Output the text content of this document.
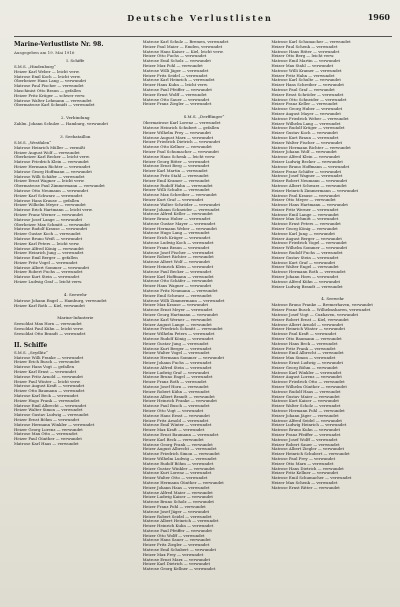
Deutsche Verlustlisten	1960
Marine-Verlustliste Nr. 98.
Ausgegeben am 19. Mai 1916
I. Schiffe
S.M.S. „Hindenburg“
Heizer Karl Weber — leicht verw.
Matrose Emil Koch — leicht verw.
Oberheizer Hans Lang — verwundet
Matrose Paul Fischer — verwundet
Maschinist Otto Braun — gefallen
Heizer Fritz Krüger — schwer verw.
Matrose Walter Lehmann — verwundet
Obermatrose Karl Schmidt — verwundet
2. Verbindung
Zahlm. Johann Schulze — Hamburg, verwundet
3. Seebataillon
S.M.S. „Westfalen“
Matrose Heinrich Müller — vermißt
Heizer August Wolf — verwundet
Oberheizer Karl Becker — leicht verw.
Matrose Friedrich Klein — verwundet
Heizer Hermann Richter — verwundet
Matrose Georg Hoffmann — verwundet
Matrose Willi Schäfer — verwundet
Heizer Ernst Wagner — leicht verw.
Obermatrose Paul Zimmermann — verwundet
Matrose Otto Neumann — verwundet
Heizer Karl Schwarz — verwundet
Matrose Hans Krause — gefallen
Heizer Wilhelm Meyer — verwundet
Matrose Erich Hartmann — leicht verw.
Heizer Franz Werner — verwundet
Matrose Josef Lange — verwundet
Oberheizer Max Schmitt — verwundet
Matrose Rudolf Krause — verwundet
Heizer Gustav Koch — verwundet
Matrose Bruno Weiß — verwundet
Heizer Karl Peters — leicht verw.
Matrose Alfred König — verwundet
Heizer Heinrich Jung — verwundet
Matrose Emil Berger — gefallen
Heizer Fritz Vogel — verwundet
Matrose Albert Sommer — verwundet
Heizer Robert Fuchs — verwundet
Matrose Kurt Stein — verwundet
Heizer Ludwig Graf — leicht verw.
4. Seewehr
Matrose Johann Engel — Hamburg, verwundet
Heizer Karl Roth — Kiel, verwundet
Marine-Infanterie
Seesoldat Max Horn — verwundet
Seesoldat Paul Kühn — leicht verw.
Seesoldat Otto Brandt — verwundet
II. Schiffe
S.M.S. „Seydlitz“
Matrose Willi Franke — verwundet
Heizer Erich Busch — verwundet
Matrose Hans Vogt — gefallen
Heizer Karl Ernst — verwundet
Matrose Fritz Arnold — verwundet
Heizer Paul Winter — leicht verw.
Matrose August Kraft — verwundet
Heizer Otto Baumann — verwundet
Matrose Karl Beck — verwundet
Heizer Hugo Frank — verwundet
Matrose Emil Albrecht — verwundet
Heizer Walter Simon — verwundet
Matrose Gustav Ludwig — verwundet
Heizer Ernst Böhm — verwundet
Matrose Hermann Winkler — verwundet
Heizer Georg Lorenz — verwundet
Matrose Max Otto — verwundet
Heizer Paul Günther — verwundet
Matrose Karl Haas — verwundet
Matrose Karl Schulz — Bremen, verwundet
Heizer Paul Maier — Emden, verwundet
Matrose Hans Kaiser — Kiel, leicht verw.
Heizer Otto Fuchs — verwundet
Matrose Emil Scholz — verwundet
Heizer Max Pohl — verwundet
Matrose Willi Jäger — verwundet
Heizer Fritz Seidel — verwundet
Matrose Karl Heinrich — verwundet
Heizer Hans Kuhn — leicht verw.
Matrose Paul Pfeiffer — verwundet
Heizer Ernst Wolff — verwundet
Matrose Otto Sauer — verwundet
Heizer Franz Ziegler — verwundet
S.M.S. „Derfflinger“
Obermatrose Karl Lorenz — verwundet
Matrose Heinrich Schubert — gefallen
Heizer Wilhelm Frey — verwundet
Matrose August Marx — verwundet
Heizer Friedrich Dietrich — verwundet
Matrose Otto Kellner — verwundet
Heizer Paul Schumacher — verwundet
Matrose Hans Schenk — leicht verw.
Heizer Georg Ritter — verwundet
Matrose Ernst Berg — verwundet
Heizer Karl Martin — verwundet
Matrose Fritz Stahl — verwundet
Heizer Emil Kramer — verwundet
Matrose Rudolf Hahn — verwundet
Heizer Willi Schulte — verwundet
Matrose Max Schreiber — verwundet
Heizer Kurt Graf — verwundet
Matrose Walter Schröder — verwundet
Heizer Johann Schneider — verwundet
Matrose Alfred Keller — verwundet
Heizer Bruno Huber — verwundet
Matrose Gustav Mayer — verwundet
Heizer Hermann Weber — verwundet
Matrose Hugo Lang — verwundet
Heizer Erich Krüger — verwundet
Matrose Ludwig Koch — verwundet
Heizer Franz Braun — verwundet
Matrose Josef Fischer — verwundet
Heizer Robert Richter — verwundet
Matrose Albert Wolf — verwundet
Heizer Heinrich Klein — verwundet
Matrose Paul Becker — verwundet
Heizer Karl Hoffmann — verwundet
Matrose Otto Schäfer — verwundet
Heizer Hans Wagner — verwundet
Matrose Fritz Neumann — verwundet
Heizer Emil Schwarz — verwundet
Matrose Willi Zimmermann — verwundet
Heizer Max Krause — verwundet
Matrose Ernst Meyer — verwundet
Heizer Georg Hartmann — verwundet
Matrose Karl Werner — verwundet
Heizer August Lange — verwundet
Matrose Friedrich Schmitt — verwundet
Heizer Wilhelm Peters — verwundet
Matrose Rudolf König — verwundet
Heizer Gustav Jung — verwundet
Matrose Kurt Berger — verwundet
Heizer Walter Vogel — verwundet
Matrose Hermann Sommer — verwundet
Heizer Johann Fuchs — verwundet
Matrose Alfred Stein — verwundet
Heizer Ludwig Graf — verwundet
Matrose Bruno Engel — verwundet
Heizer Franz Roth — verwundet
Matrose Josef Horn — verwundet
Heizer Robert Kühn — verwundet
Matrose Albert Brandt — verwundet
Heizer Heinrich Franke — verwundet
Matrose Paul Busch — verwundet
Heizer Otto Vogt — verwundet
Matrose Hans Ernst — verwundet
Heizer Fritz Arnold — verwundet
Matrose Emil Winter — verwundet
Heizer Max Kraft — verwundet
Matrose Ernst Baumann — verwundet
Heizer Karl Beck — verwundet
Matrose Georg Frank — verwundet
Heizer August Albrecht — verwundet
Matrose Friedrich Simon — verwundet
Heizer Wilhelm Ludwig — verwundet
Matrose Rudolf Böhm — verwundet
Heizer Gustav Winkler — verwundet
Matrose Kurt Lorenz — verwundet
Heizer Walter Otto — verwundet
Matrose Hermann Günther — verwundet
Heizer Johann Haas — verwundet
Matrose Alfred Maier — verwundet
Heizer Ludwig Kaiser — verwundet
Matrose Bruno Scholz — verwundet
Heizer Franz Pohl — verwundet
Matrose Josef Jäger — verwundet
Heizer Robert Seidel — verwundet
Matrose Albert Heinrich — verwundet
Heizer Heinrich Kuhn — verwundet
Matrose Paul Pfeiffer — verwundet
Heizer Otto Wolff — verwundet
Matrose Hans Sauer — verwundet
Heizer Fritz Ziegler — verwundet
Matrose Emil Schubert — verwundet
Heizer Max Frey — verwundet
Matrose Ernst Marx — verwundet
Heizer Karl Dietrich — verwundet
Matrose Georg Kellner — verwundet
Matrose Karl Schumacher — verwundet
Heizer Paul Schenk — verwundet
Matrose Hans Ritter — verwundet
Heizer Otto Berg — leicht verw.
Matrose Emil Martin — verwundet
Heizer Max Stahl — verwundet
Matrose Willi Kramer — verwundet
Heizer Fritz Hahn — verwundet
Matrose Karl Schulte — verwundet
Heizer Hans Schreiber — verwundet
Matrose Paul Graf — verwundet
Heizer Ernst Schröder — verwundet
Matrose Otto Schneider — verwundet
Heizer Franz Keller — verwundet
Matrose Georg Huber — verwundet
Heizer August Mayer — verwundet
Matrose Friedrich Weber — verwundet
Heizer Wilhelm Lang — verwundet
Matrose Rudolf Krüger — verwundet
Heizer Gustav Koch — verwundet
Matrose Kurt Braun — verwundet
Heizer Walter Fischer — verwundet
Matrose Hermann Richter — verwundet
Heizer Johann Wolf — verwundet
Matrose Alfred Klein — verwundet
Heizer Ludwig Becker — verwundet
Matrose Bruno Hoffmann — verwundet
Heizer Franz Schäfer — verwundet
Matrose Josef Wagner — verwundet
Heizer Robert Neumann — verwundet
Matrose Albert Schwarz — verwundet
Heizer Heinrich Zimmermann — verwundet
Matrose Paul Krause — verwundet
Heizer Otto Meyer — verwundet
Matrose Hans Hartmann — verwundet
Heizer Fritz Werner — verwundet
Matrose Emil Lange — verwundet
Heizer Max Schmitt — verwundet
Matrose Ernst Peters — verwundet
Heizer Georg König — verwundet
Matrose Karl Jung — verwundet
Heizer August Berger — verwundet
Matrose Friedrich Vogel — verwundet
Heizer Wilhelm Sommer — verwundet
Matrose Rudolf Fuchs — verwundet
Heizer Gustav Stein — verwundet
Matrose Kurt Graf — verwundet
Heizer Walter Engel — verwundet
Matrose Hermann Roth — verwundet
Heizer Johann Horn — verwundet
Matrose Alfred Kühn — verwundet
Heizer Ludwig Brandt — verwundet
4. Seewehr
Matrose Bruno Franke — Bremerhaven, verwundet
Heizer Franz Busch — Wilhelmshaven, verwundet
Matrose Josef Vogt — Cuxhaven, verwundet
Heizer Robert Ernst — Kiel, verwundet
Matrose Albert Arnold — verwundet
Heizer Heinrich Winter — verwundet
Matrose Paul Kraft — verwundet
Heizer Otto Baumann — verwundet
Matrose Hans Beck — verwundet
Heizer Fritz Frank — verwundet
Matrose Emil Albrecht — verwundet
Heizer Max Simon — verwundet
Matrose Ernst Ludwig — verwundet
Heizer Georg Böhm — verwundet
Matrose Karl Winkler — verwundet
Heizer August Lorenz — verwundet
Matrose Friedrich Otto — verwundet
Heizer Wilhelm Günther — verwundet
Matrose Rudolf Haas — verwundet
Heizer Gustav Maier — verwundet
Matrose Kurt Kaiser — verwundet
Heizer Walter Scholz — verwundet
Matrose Hermann Pohl — verwundet
Heizer Johann Jäger — verwundet
Matrose Alfred Seidel — verwundet
Heizer Ludwig Heinrich — verwundet
Matrose Bruno Kuhn — verwundet
Heizer Franz Pfeiffer — verwundet
Matrose Josef Wolff — verwundet
Heizer Robert Sauer — verwundet
Matrose Albert Ziegler — verwundet
Heizer Heinrich Schubert — verwundet
Matrose Paul Frey — verwundet
Heizer Otto Marx — verwundet
Matrose Hans Dietrich — verwundet
Heizer Fritz Kellner — verwundet
Matrose Emil Schumacher — verwundet
Heizer Max Schenk — verwundet
Matrose Ernst Ritter — verwundet
